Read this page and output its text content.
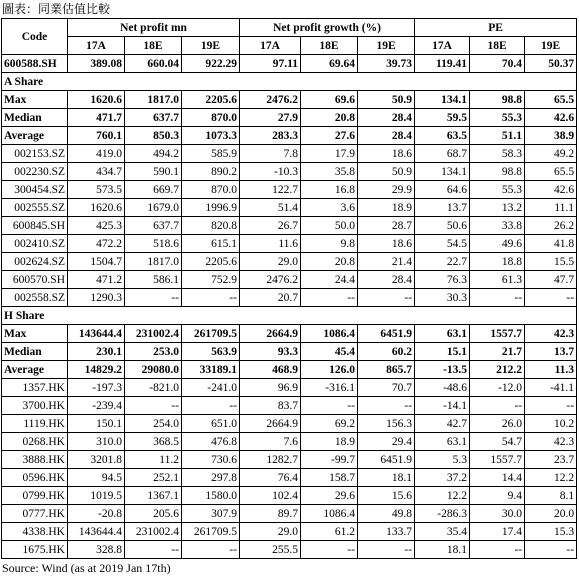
圖表：同業估值比較
Code	Net profit mn			Net profit growth (%)			PE		
	17A	18E	19E	17A	18E	19E	17A	18E	19E
600588.SH	389.08	660.04	922.29	97.11	69.64	39.73	119.41	70.4	50.37
A Share									
Max	1620.6	1817.0	2205.6	2476.2	69.6	50.9	134.1	98.8	65.5
Median	471.7	637.7	870.0	27.9	20.8	28.4	59.5	55.3	42.6
Average	760.1	850.3	1073.3	283.3	27.6	28.4	63.5	51.1	38.9
002153.SZ	419.0	494.2	585.9	7.8	17.9	18.6	68.7	58.3	49.2
002230.SZ	434.7	590.1	890.2	-10.3	35.8	50.9	134.1	98.8	65.5
300454.SZ	573.5	669.7	870.0	122.7	16.8	29.9	64.6	55.3	42.6
002555.SZ	1620.6	1679.0	1996.9	51.4	3.6	18.9	13.7	13.2	11.1
600845.SH	425.3	637.7	820.8	26.7	50.0	28.7	50.6	33.8	26.2
002410.SZ	472.2	518.6	615.1	11.6	9.8	18.6	54.5	49.6	41.8
002624.SZ	1504.7	1817.0	2205.6	29.0	20.8	21.4	22.7	18.8	15.5
600570.SH	471.2	586.1	752.9	2476.2	24.4	28.4	76.3	61.3	47.7
002558.SZ	1290.3	--	--	20.7	--	--	30.3	--	--
H Share									
Max	143644.4	231002.4	261709.5	2664.9	1086.4	6451.9	63.1	1557.7	42.3
Median	230.1	253.0	563.9	93.3	45.4	60.2	15.1	21.7	13.7
Average	14829.2	29080.0	33189.1	468.9	126.0	865.7	-13.5	212.2	11.3
1357.HK	-197.3	-821.0	-241.0	96.9	-316.1	70.7	-48.6	-12.0	-41.1
3700.HK	-239.4	--	--	83.7	--	--	-14.1	--	--
1119.HK	150.1	254.0	651.0	2664.9	69.2	156.3	42.7	26.0	10.2
0268.HK	310.0	368.5	476.8	7.6	18.9	29.4	63.1	54.7	42.3
3888.HK	3201.8	11.2	730.6	1282.7	-99.7	6451.9	5.3	1557.7	23.7
0596.HK	94.5	252.1	297.8	76.4	158.7	18.1	37.2	14.4	12.2
0799.HK	1019.5	1367.1	1580.0	102.4	29.6	15.6	12.2	9.4	8.1
0777.HK	-20.8	205.6	307.9	89.7	1086.4	49.8	-286.3	30.0	20.0
4338.HK	143644.4	231002.4	261709.5	29.0	61.2	133.7	35.4	17.4	15.3
1675.HK	328.8	--	--	255.5	--	--	18.1	--	--
Source: Wind (as at 2019 Jan 17th)
